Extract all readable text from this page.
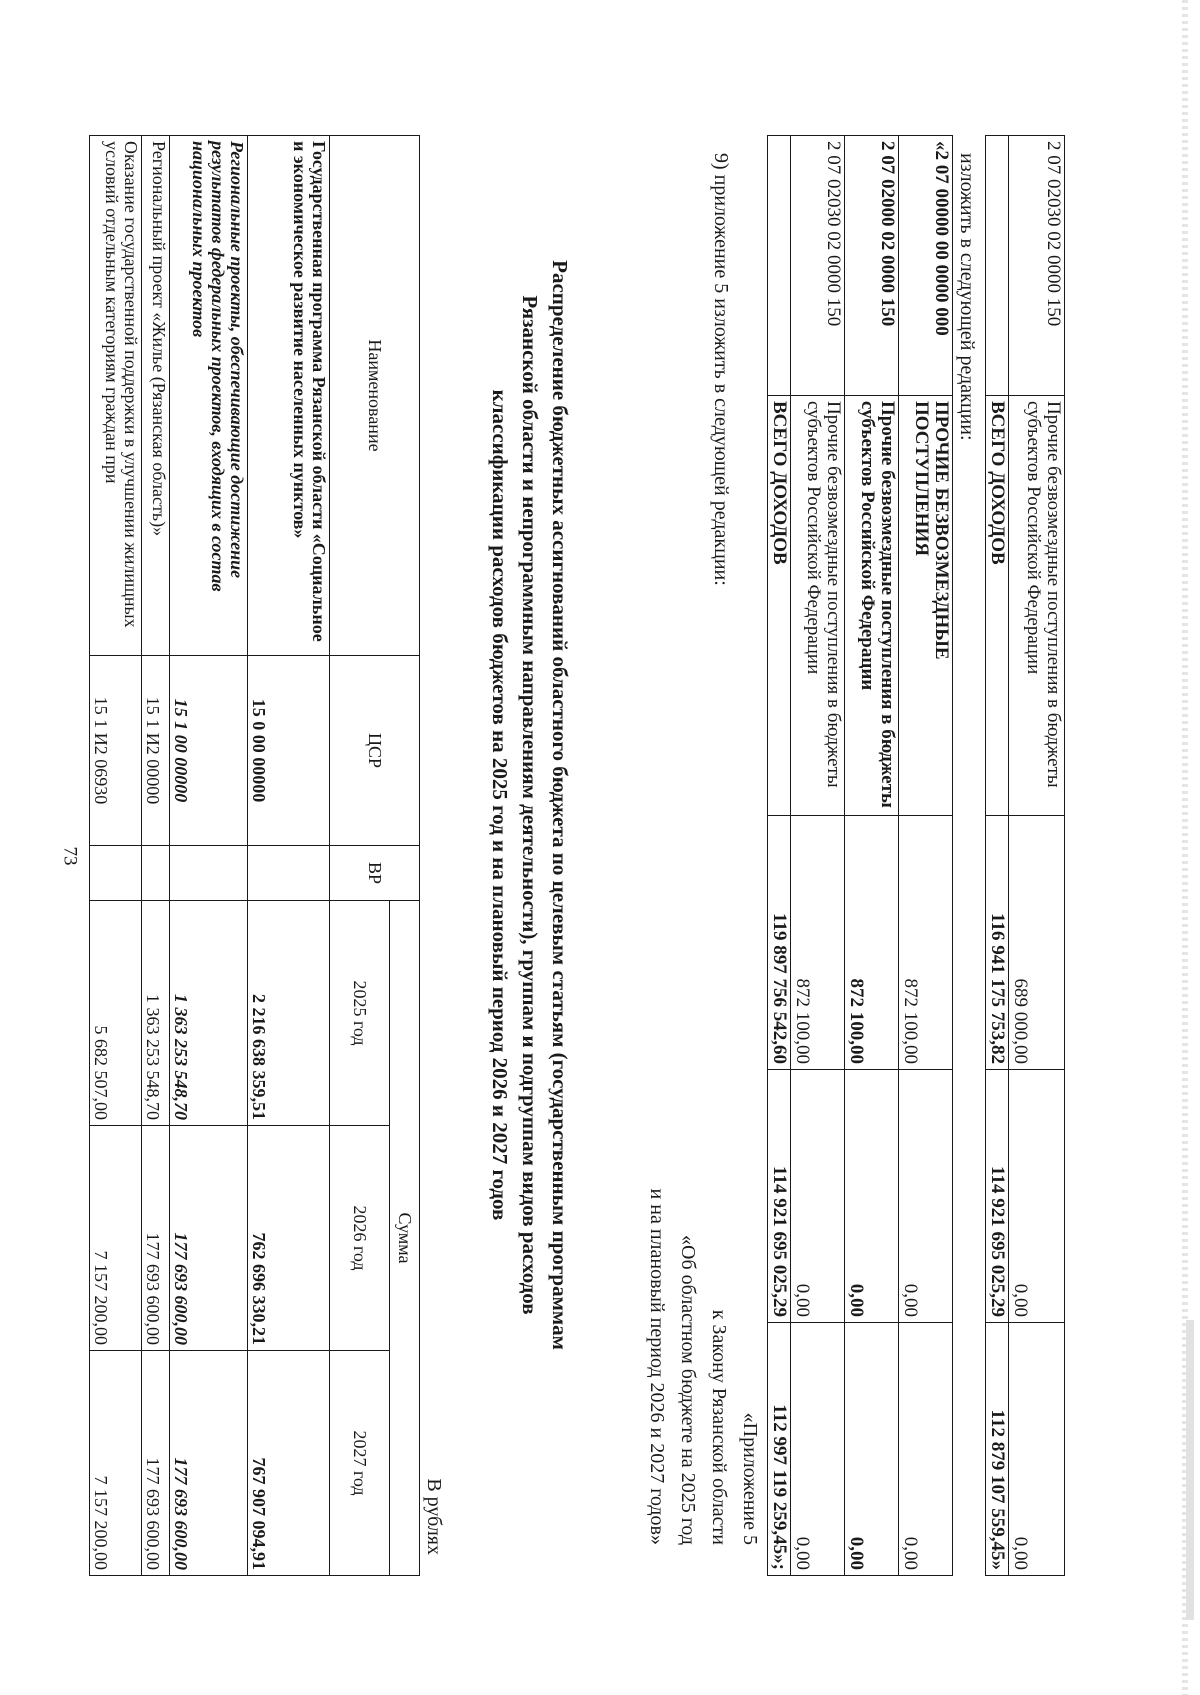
73
2 07 02030 02 0000 150	Прочие безвозмездные поступления в бюджеты субъектов Российской Федерации	689 000,00	0,00	0,00
	ВСЕГО ДОХОДОВ	116 941 175 753,82	114 921 695 025,29	112 879 107 559,45»
изложить в следующей редакции:
«2 07 00000 00 0000 000	ПРОЧИЕ БЕЗВОЗМЕЗДНЫЕ ПОСТУПЛЕНИЯ	872 100,00	0,00	0,00
2 07 02000 02 0000 150	Прочие безвозмездные поступления в бюджеты субъектов Российской Федерации	872 100,00	0,00	0,00
2 07 02030 02 0000 150	Прочие безвозмездные поступления в бюджеты субъектов Российской Федерации	872 100,00	0,00	0,00
	ВСЕГО ДОХОДОВ	119 897 756 542,60	114 921 695 025,29	112 997 119 259,45»;
9) приложение 5 изложить в следующей редакции:
«Приложение 5
к Закону Рязанской области
«Об областном бюджете на 2025 год
и на плановый период 2026 и 2027 годов»
Распределение бюджетных ассигнований областного бюджета по целевым статьям (государственным программам
Рязанской области и непрограммным направлениям деятельности), группам и подгруппам видов расходов
классификации расходов бюджетов на 2025 год и на плановый период 2026 и 2027 годов
В рублях
Наименование	ЦСР	ВР	Сумма		
			2025 год	2026 год	2027 год
Государственная программа Рязанской области «Социальное и экономическое развитие населенных пунктов»	15 0 00 00000		2 216 638 359,51	762 696 330,21	767 907 094,91
Региональные проекты, обеспечивающие достижение результатов федеральных проектов, входящих в состав национальных проектов	15 1 00 00000		1 363 253 548,70	177 693 600,00	177 693 600,00
Региональный проект «Жилье (Рязанская область)»	15 1 И2 00000		1 363 253 548,70	177 693 600,00	177 693 600,00
Оказание государственной поддержки в улучшении жилищных условий отдельным категориям граждан при	15 1 И2 06930		5 682 507,00	7 157 200,00	7 157 200,00
